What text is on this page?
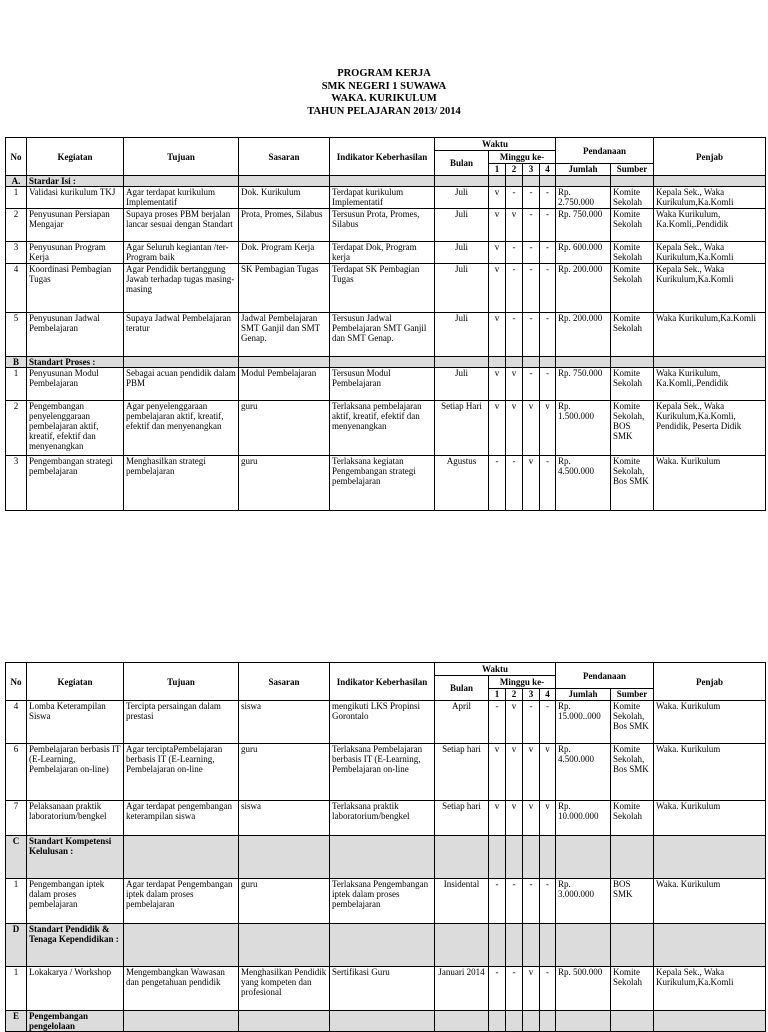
PROGRAM KERJA
SMK NEGERI 1 SUWAWA
WAKA. KURIKULUM
TAHUN PELAJARAN 2013/ 2014
No	Kegiatan	Tujuan	Sasaran	Indikator Keberhasilan	Waktu					Pendanaan		Penjab
					Bulan	Minggu ke-						
						1	2	3	4	Jumlah	Sumber	
A.	Stardar Isi :											
1	Validasi kurikulum TKJ	Agar terdapat kurikulum Implementatif	Dok. Kurikulum	Terdapat kurikulum Implementatif	Juli	v	-	-	-	Rp. 2.750.000	Komite Sekolah	Kepala Sek., Waka Kurikulum,Ka.Komli
2	Penyusunan Persiapan Mengajar	Supaya proses PBM berjalan lancar sesuai dengan Standart	Prota, Promes, Silabus	Tersusun Prota, Promes, Silabus	Juli	v	v	-	-	Rp. 750.000	Komite Sekolah	Waka Kurikulum, Ka.Komli,.Pendidik
3	Penyusunan Program Kerja	Agar Seluruh kegiantan /ter-Program baik	Dok. Program Kerja	Terdapat Dok, Program kerja	Juli	v	-	-	-	Rp. 600.000	Komite Sekolah	Kepala Sek., Waka Kurikulum,Ka.Komli
4	Koordinasi Pembagian Tugas	Agar Pendidik bertanggung Jawab terhadap tugas masing-masing	SK Pembagian Tugas	Terdapat SK Pembagian Tugas	Juli	v	-	-	-	Rp. 200.000	Komite Sekolah	Kepala Sek., Waka Kurikulum,Ka.Komli
5	Penyusunan Jadwal Pembelajaran	Supaya Jadwal Pembelajaran teratur	Jadwal Pembelajaran SMT Ganjil dan SMT Genap.	Tersusun Jadwal Pembelajaran SMT Ganjil dan SMT Genap.	Juli	v	-	-	-	Rp. 200.000	Komite Sekolah	Waka Kurikulum,Ka.Komli
B	Standart Proses :											
1	Penyusunan Modul Pembelajaran	Sebagai acuan pendidik dalam PBM	Modul Pembelajaran	Tersusun Modul Pembelajaran	Juli	v	v	-	-	Rp. 750.000	Komite Sekolah	Waka Kurikulum, Ka.Komli,.Pendidik
2	Pengembangan penyelenggaraan pembelajaran aktif, kreatif, efektif dan menyenangkan	Agar penyelenggaraan pembelajaran aktif, kreatif, efektif dan menyenangkan	guru	Terlaksana pembelajaran aktif, kreatif, efektif dan menyenangkan	Setiap Hari	v	v	v	v	Rp. 1.500.000	Komite Sekolah, BOS SMK	Kepala Sek., Waka Kurikulum,Ka.Komli, Pendidik, Peserta Didik
3	Pengembangan strategi pembelajaran	Menghasilkan strategi pembelajaran	guru	Terlaksana kegiatan Pengembangan strategi pembelajaran	Agustus	-	-	v	-	Rp. 4.500.000	Komite Sekolah, Bos SMK	Waka. Kurikulum
No	Kegiatan	Tujuan	Sasaran	Indikator Keberhasilan	Waktu					Pendanaan		Penjab
					Bulan	Minggu ke-						
						1	2	3	4	Jumlah	Sumber	
4	Lomba Keterampilan Siswa	Tercipta persaingan dalam prestasi	siswa	mengikuti LKS Propinsi Gorontalo	April	-	v	-	-	Rp. 15.000..000	Komite Sekolah, Bos SMK	Waka. Kurikulum
6	Pembelajaran berbasis IT (E-Learning, Pembelajaran on-line)	Agar terciptaPembelajaran berbasis IT (E-Learning, Pembelajaran on-line	guru	Terlaksana Pembelajaran berbasis IT (E-Learning, Pembelajaran on-line	Setiap hari	v	v	v	v	Rp. 4.500.000	Komite Sekolah, Bos SMK	Waka. Kurikulum
7	Pelaksanaan praktik laboratorium/bengkel	Agar terdapat pengembangan keterampilan siswa	siswa	Terlaksana praktik laboratorium/bengkel	Setiap hari	v	v	v	v	Rp. 10.000.000	Komite Sekolah	Waka. Kurikulum
C	Standart Kompetensi Kelulusan :											
1	Pengembangan iptek dalam proses pembelajaran	Agar terdapat Pengembangan iptek dalam proses pembelajaran	guru	Terlaksana Pengembangan iptek dalam proses pembelajaran	Insidental	-	-	-	-	Rp. 3.000.000	BOS SMK	Waka. Kurikulum
D	Standart Pendidik & Tenaga Kependidikan :											
1	Lokakarya / Workshop	Mengembangkan Wawasan dan pengetahuan pendidik	Menghasilkan Pendidik yang kompeten dan profesional	Sertifikasi Guru	Januari 2014	-	-	v	-	Rp. 500.000	Komite Sekolah	Kepala Sek., Waka Kurikulum,Ka.Komli
E	Pengembangan pengelolaan											
